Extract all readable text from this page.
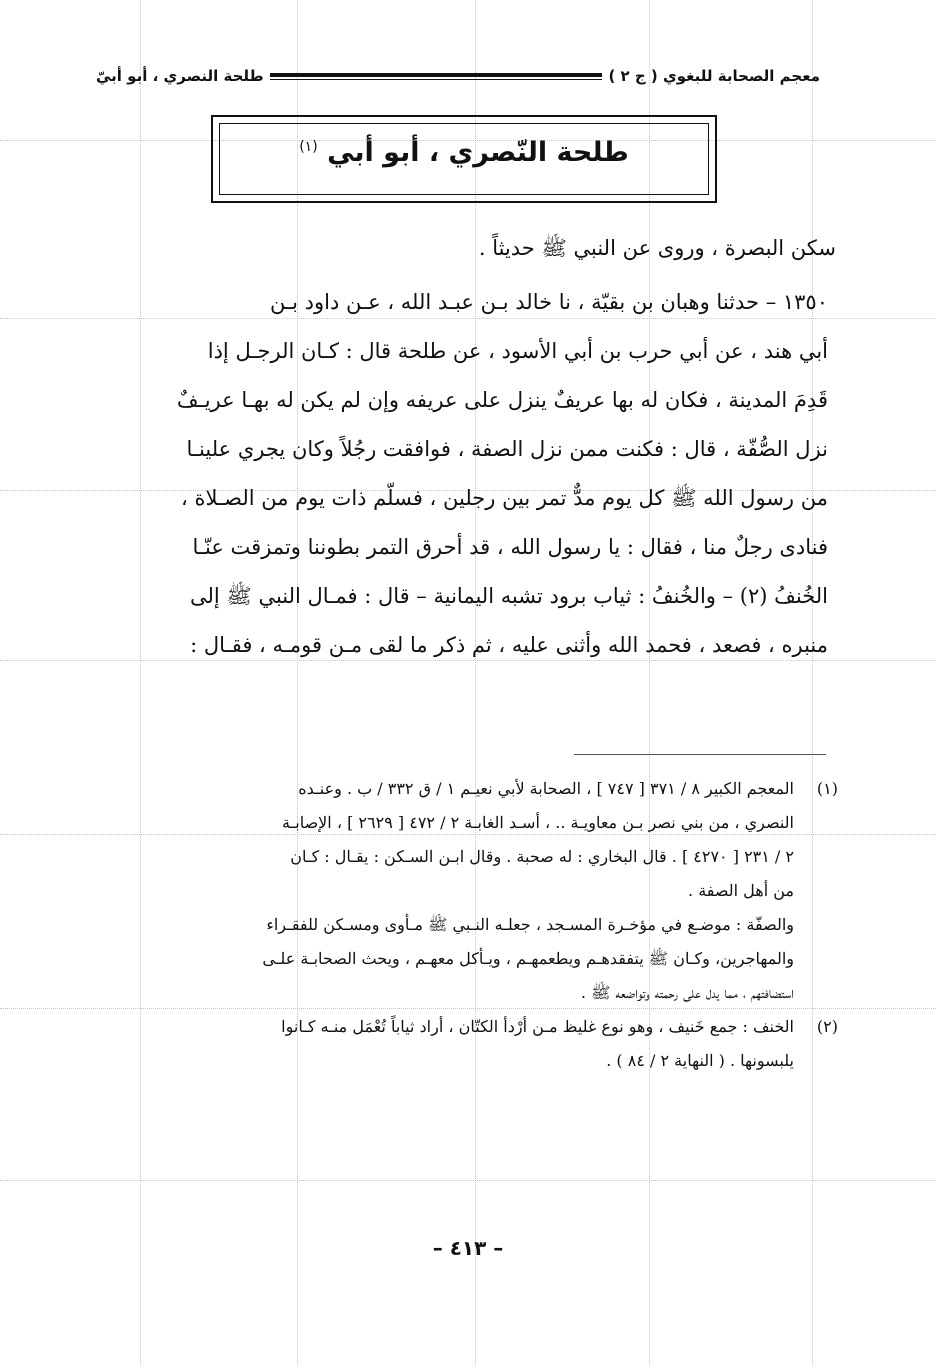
معجم الصحابة للبغوي ( ج ٢ )
طلحة النصري ، أبو أبيّ
طلحة النّصري ، أبو أبي $^{(١)}$
سكن البصرة ، وروى عن النبي ﷺ حديثاً .
١٣٥٠ – حدثنا وهبان بن بقيّة ، نا خالد بـن عبـد الله ، عـن داود بـن
أبي هند ، عن أبي حرب بن أبي الأسود ، عن طلحة قال : كـان الرجـل إذا
قَدِمَ المدينة ، فكان له بها عريفٌ ينزل على عريفه وإن لم يكن له بهـا عريـفٌ
نزل الصُّفّة ، قال : فكنت ممن نزل الصفة ، فوافقت رجُلاً وكان يجري علينـا
من رسول الله ﷺ كل يوم مدٌّ تمر بين رجلين ، فسلّم ذات يوم من الصـلاة ،
فنادى رجلٌ منا ، فقال : يا رسول الله ، قد أحرق التمر بطوننا وتمزقت عنّـا
الخُنفُ (٢) – والخُنفُ : ثياب برود تشبه اليمانية – قال : فمـال النبي ﷺ إلى
منبره ، فصعد ، فحمد الله وأثنى عليه ، ثم ذكر ما لقى مـن قومـه ، فقـال :
(١)
المعجم الكبير ٨ / ٣٧١ [ ٧٤٧ ] ، الصحابة لأبي نعيـم ١ / ق ٣٣٢ / ب . وعنـده
النصري ، من بني نصر بـن معاويـة .. ، أسـد الغابـة ٢ / ٤٧٢ [ ٢٦٢٩ ] ، الإصابـة
٢ / ٢٣١ [ ٤٢٧٠ ] . قال البخاري : له صحبة . وقال ابـن السـكن : يقـال : كـان
من أهل الصفة .
والصفّة : موضـع في مؤخـرة المسـجد ، جعلـه النـبي ﷺ مـأوى ومسـكن للفقـراء
والمهاجرين، وكـان ﷺ يتفقدهـم ويطعمهـم ، ويـأكل معهـم ، ويحث الصحابـة علـى
استضافتهم ، مما يدل على رحمته وتواضعه ﷺ .
(٢)
الخنف : جمع خَنيف ، وهو نوع غليظ مـن أرْدأ الكتّان ، أراد ثياباً تُعْمَل منـه كـانوا
يلبسونها . ( النهاية ٢ / ٨٤ ) .
– ٤١٣ –
